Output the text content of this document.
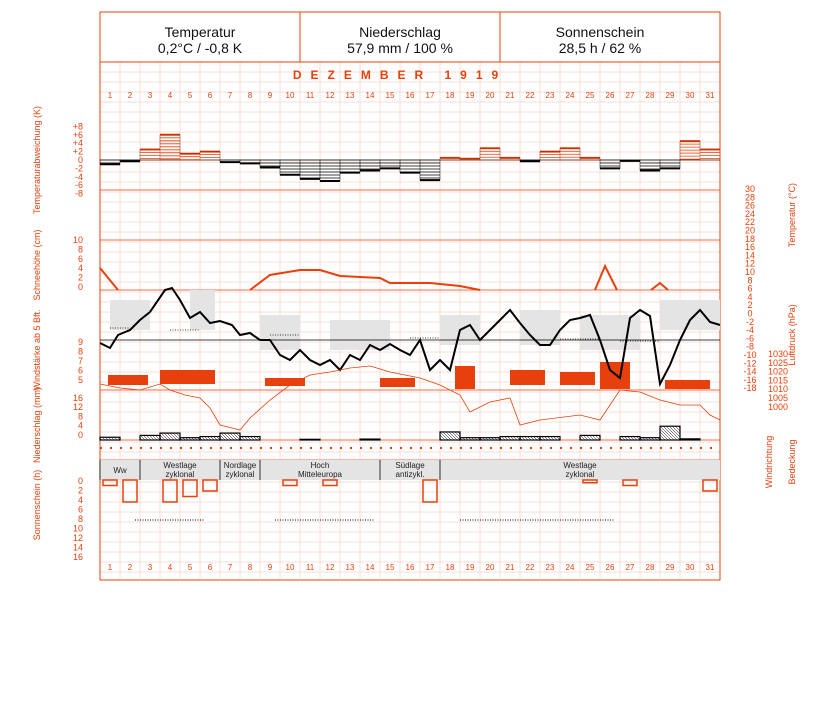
Temperatur
0,2°C / -0,8 K
Niederschlag
57,9 mm / 100 %
Sonnenschein
28,5 h / 62 %
DEZEMBER 1919
1 2 3 4 5 6 7 8 9 10 11 12 13 14 15 16 17 18 19 20 21 22 23 24 25 26 27 28 29 30 31
1 2 3 4 5 6 7 8 9 10 11 12 13 14 15 16 17 18 19 20 21 22 23 24 25 26 27 28 29 30 31
+8
+6
+4
+2
0
-2
-4
-6
-8
10
8
6
4
2
0
9
8
7
6
5
16
12
8
4
0
Ww
Westlage
zyklonal
Nordlage
zyklonal
Hoch
Mitteleuropa
Südlage
antizykl.
Westlage
zyklonal
0
2
4
6
8
10
12
14
16
30
28
26
24
22
20
18
16
14
12
10
8
6
4
2
0
-2
-4
-6
-8
-10
-12
-14
-16
-18
1030
1025
1020
1015
1010
1005
1000
Temperaturabweichung (K)
Schneehöhe (cm)
Windstärke ab 5 Bft.
Niederschlag (mm)
Sonnenschein (h)
Temperatur (°C)
Luftdruck (hPa)
Windrichtung Bedeckung
